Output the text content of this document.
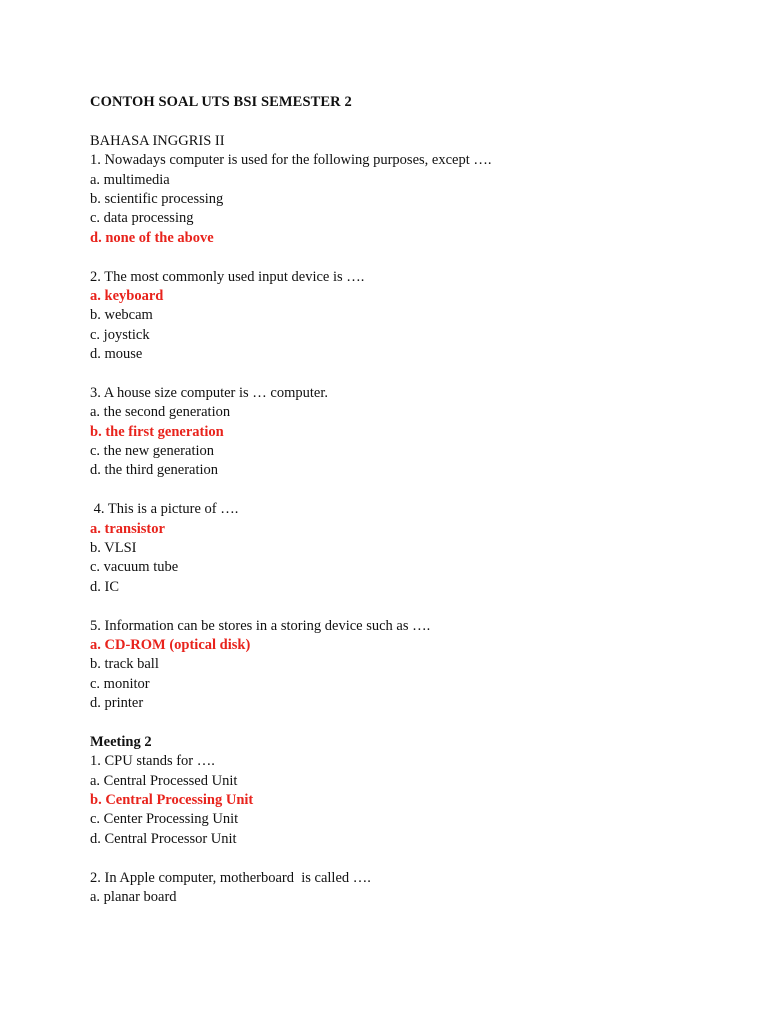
CONTOH SOAL UTS BSI SEMESTER 2
BAHASA INGGRIS II
1. Nowadays computer is used for the following purposes, except ….
a. multimedia
b. scientific processing
c. data processing
d. none of the above
2. The most commonly used input device is ….
a. keyboard
b. webcam
c. joystick
d. mouse
3. A house size computer is … computer.
a. the second generation
b. the first generation
c. the new generation
d. the third generation
4. This is a picture of ….
a. transistor
b. VLSI
c. vacuum tube
d. IC
5. Information can be stores in a storing device such as ….
a. CD-ROM (optical disk)
b. track ball
c. monitor
d. printer
Meeting 2
1. CPU stands for ….
a. Central Processed Unit
b. Central Processing Unit
c. Center Processing Unit
d. Central Processor Unit
2. In Apple computer, motherboard  is called ….
a. planar board
